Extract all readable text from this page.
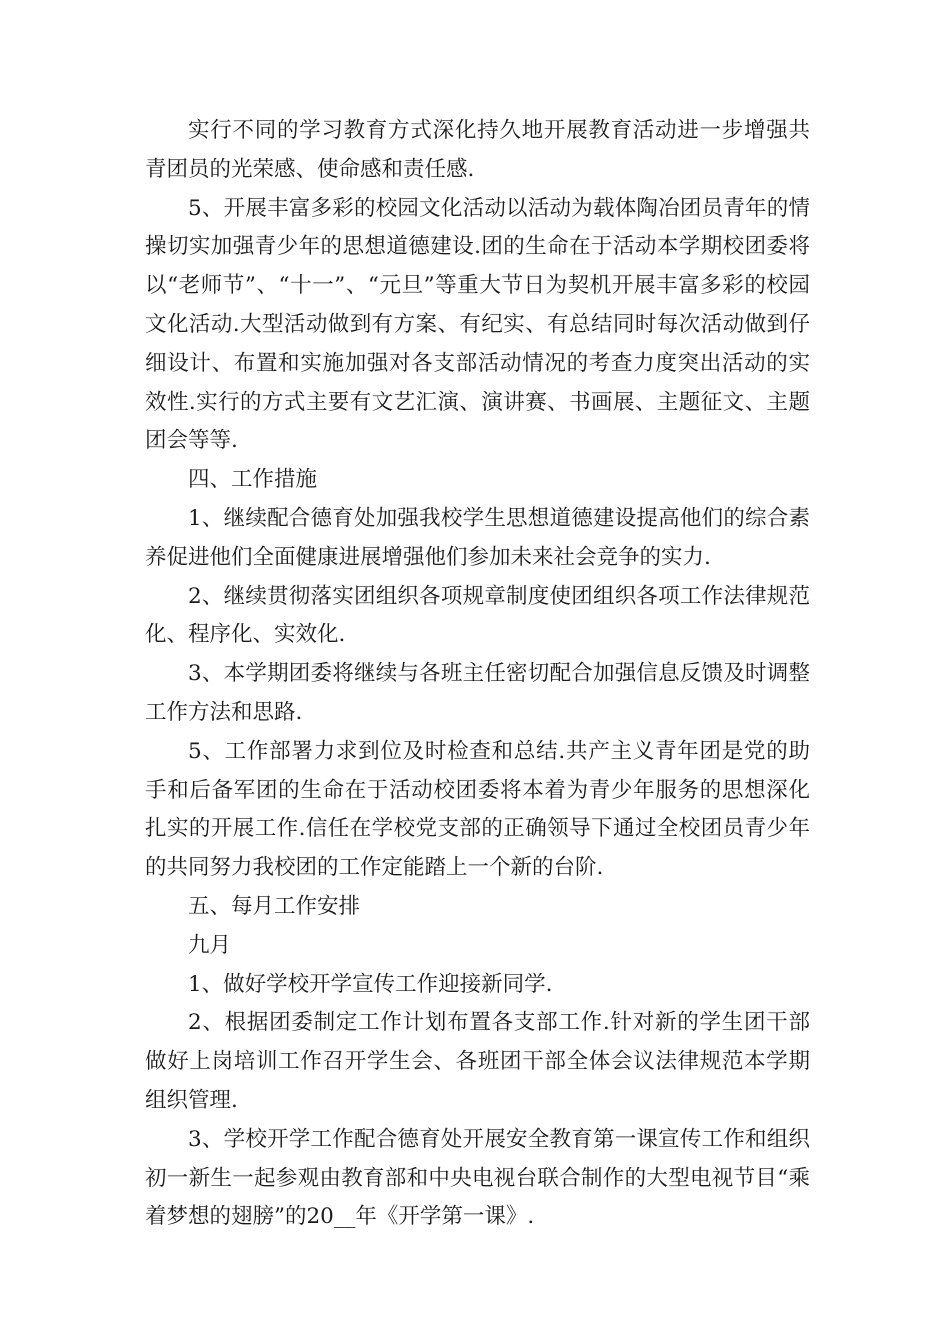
实行不同的学习教育方式深化持久地开展教育活动进一步增强共青团员的光荣感、使命感和责任感.

5、开展丰富多彩的校园文化活动以活动为载体陶冶团员青年的情操切实加强青少年的思想道德建设.团的生命在于活动本学期校团委将以“老师节”、“十一”、“元旦”等重大节日为契机开展丰富多彩的校园文化活动.大型活动做到有方案、有纪实、有总结同时每次活动做到仔细设计、布置和实施加强对各支部活动情况的考查力度突出活动的实效性.实行的方式主要有文艺汇演、演讲赛、书画展、主题征文、主题团会等等.

四、工作措施

1、继续配合德育处加强我校学生思想道德建设提高他们的综合素养促进他们全面健康进展增强他们参加未来社会竞争的实力.

2、继续贯彻落实团组织各项规章制度使团组织各项工作法律规范化、程序化、实效化.

3、本学期团委将继续与各班主任密切配合加强信息反馈及时调整工作方法和思路.

5、工作部署力求到位及时检查和总结.共产主义青年团是党的助手和后备军团的生命在于活动校团委将本着为青少年服务的思想深化扎实的开展工作.信任在学校党支部的正确领导下通过全校团员青少年的共同努力我校团的工作定能踏上一个新的台阶.

五、每月工作安排

九月

1、做好学校开学宣传工作迎接新同学.

2、根据团委制定工作计划布置各支部工作.针对新的学生团干部做好上岗培训工作召开学生会、各班团干部全体会议法律规范本学期组织管理.

3、学校开学工作配合德育处开展安全教育第一课宣传工作和组织初一新生一起参观由教育部和中央电视台联合制作的大型电视节目“乘着梦想的翅膀”的20__年《开学第一课》.
